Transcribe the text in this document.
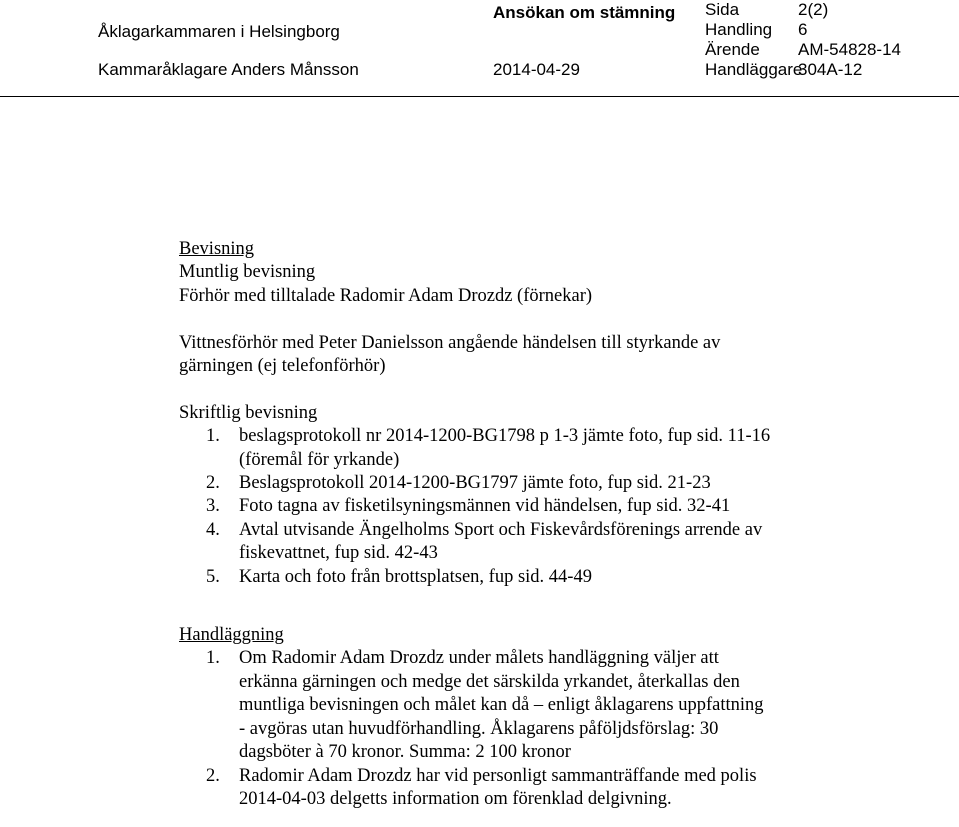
Åklagarkammaren i Helsingborg
Kammaråklagare Anders Månsson
Ansökan om stämning
2014-04-29
Sida
Handling
Ärende
Handläggare
2(2)
6
AM-54828-14
304A-12

Bevisning

Muntlig bevisning

Förhör med tilltalade Radomir Adam Drozdz (förnekar)

Vittnesförhör med Peter Danielsson angående händelsen till styrkande av

gärningen (ej telefonförhör)

Skriftlig bevisning

1. beslagsprotokoll nr 2014-1200-BG1798 p 1-3 jämte foto, fup sid. 11-16

(föremål för yrkande)

2. Beslagsprotokoll 2014-1200-BG1797 jämte foto, fup sid. 21-23

3. Foto tagna av fisketilsyningsmännen vid händelsen, fup sid. 32-41

4. Avtal utvisande Ängelholms Sport och Fiskevårdsförenings arrende av

fiskevattnet, fup sid. 42-43

5. Karta och foto från brottsplatsen, fup sid. 44-49

Handläggning

1. Om Radomir Adam Drozdz under målets handläggning väljer att

erkänna gärningen och medge det särskilda yrkandet, återkallas den

muntliga bevisningen och målet kan då – enligt åklagarens uppfattning

- avgöras utan huvudförhandling. Åklagarens påföljdsförslag: 30

dagsböter à 70 kronor. Summa: 2 100 kronor

2. Radomir Adam Drozdz har vid personligt sammanträffande med polis

2014-04-03 delgetts information om förenklad delgivning.
